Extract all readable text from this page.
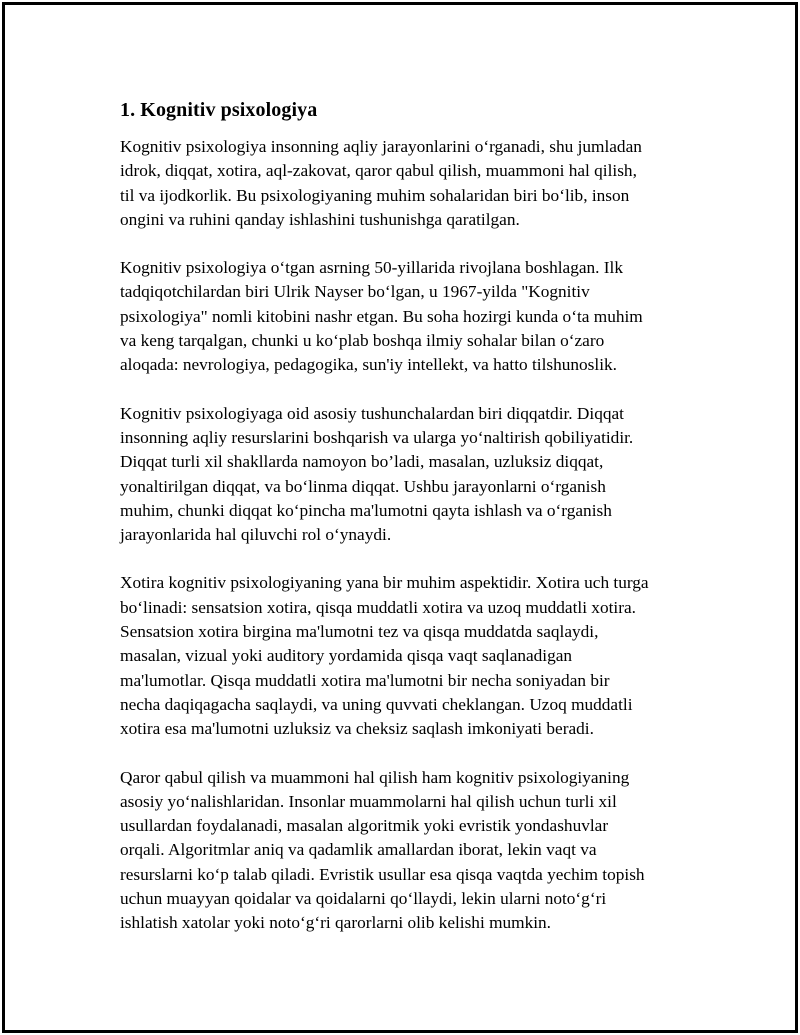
1. Kognitiv psixologiya

Kognitiv psixologiya insonning aqliy jarayonlarini o‘rganadi, shu jumladan
idrok, diqqat, xotira, aql-zakovat, qaror qabul qilish, muammoni hal qilish,
til va ijodkorlik. Bu psixologiyaning muhim sohalaridan biri bo‘lib, inson
ongini va ruhini qanday ishlashini tushunishga qaratilgan.

Kognitiv psixologiya o‘tgan asrning 50-yillarida rivojlana boshlagan. Ilk
tadqiqotchilardan biri Ulrik Nayser bo‘lgan, u 1967-yilda "Kognitiv
psixologiya" nomli kitobini nashr etgan. Bu soha hozirgi kunda o‘ta muhim
va keng tarqalgan, chunki u ko‘plab boshqa ilmiy sohalar bilan o‘zaro
aloqada: nevrologiya, pedagogika, sun'iy intellekt, va hatto tilshunoslik.

Kognitiv psixologiyaga oid asosiy tushunchalardan biri diqqatdir. Diqqat
insonning aqliy resurslarini boshqarish va ularga yo‘naltirish qobiliyatidir.
Diqqat turli xil shakllarda namoyon bo’ladi, masalan, uzluksiz diqqat,
yonaltirilgan diqqat, va bo‘linma diqqat. Ushbu jarayonlarni o‘rganish
muhim, chunki diqqat ko‘pincha ma'lumotni qayta ishlash va o‘rganish
jarayonlarida hal qiluvchi rol o‘ynaydi.

Xotira kognitiv psixologiyaning yana bir muhim aspektidir. Xotira uch turga
bo‘linadi: sensatsion xotira, qisqa muddatli xotira va uzoq muddatli xotira.
Sensatsion xotira birgina ma'lumotni tez va qisqa muddatda saqlaydi,
masalan, vizual yoki auditory yordamida qisqa vaqt saqlanadigan
ma'lumotlar. Qisqa muddatli xotira ma'lumotni bir necha soniyadan bir
necha daqiqagacha saqlaydi, va uning quvvati cheklangan. Uzoq muddatli
xotira esa ma'lumotni uzluksiz va cheksiz saqlash imkoniyati beradi.

Qaror qabul qilish va muammoni hal qilish ham kognitiv psixologiyaning
asosiy yo‘nalishlaridan. Insonlar muammolarni hal qilish uchun turli xil
usullardan foydalanadi, masalan algoritmik yoki evristik yondashuvlar
orqali. Algoritmlar aniq va qadamlik amallardan iborat, lekin vaqt va
resurslarni ko‘p talab qiladi. Evristik usullar esa qisqa vaqtda yechim topish
uchun muayyan qoidalar va qoidalarni qo‘llaydi, lekin ularni noto‘g‘ri
ishlatish xatolar yoki noto‘g‘ri qarorlarni olib kelishi mumkin.
